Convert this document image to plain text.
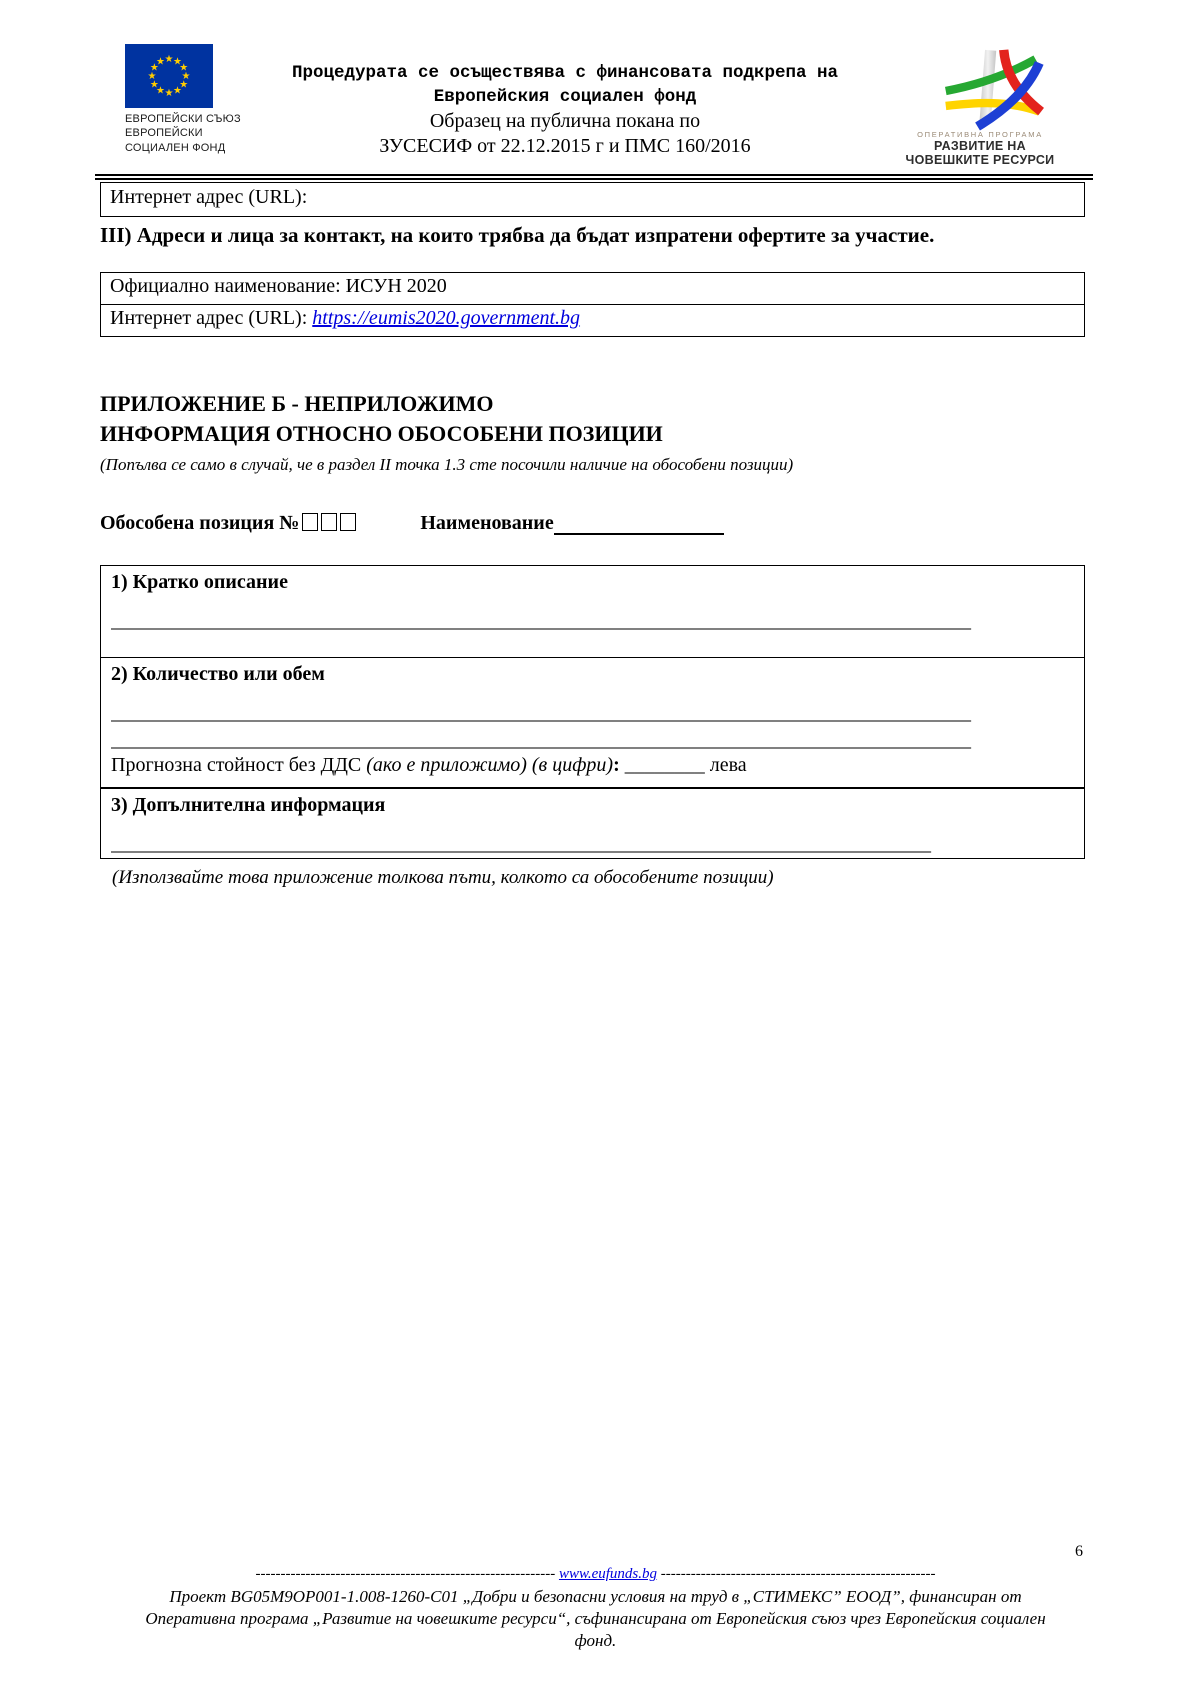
★ ★
★
★
★
★
★
★
★
★
★
★
ЕВРОПЕЙСКИ СЪЮЗ
ЕВРОПЕЙСКИ
СОЦИАЛЕН ФОНД
Процедурата се осъществява с финансовата подкрепа на
Европейския социален фонд
Образец на публична покана по
ЗУСЕСИФ от 22.12.2015 г и ПМС 160/2016
ОПЕРАТИВНА ПРОГРАМА
РАЗВИТИЕ НА
ЧОВЕШКИТЕ РЕСУРСИ
Интернет адрес (URL):
III) Адреси и лица за контакт, на които трябва да бъдат изпратени офертите за участие.
Официално наименование: ИСУН 2020
Интернет адрес (URL): https://eumis2020.government.bg
ПРИЛОЖЕНИЕ Б - НЕПРИЛОЖИМО
ИНФОРМАЦИЯ ОТНОСНО ОБОСОБЕНИ ПОЗИЦИИ
(Попълва се само в случай, че в раздел II точка 1.3 сте посочили наличие на обособени позиции)
Обособена позиция №	Наименование
1) Кратко описание
______________________________________________________________________________________
2) Количество или обем
______________________________________________________________________________________
______________________________________________________________________________________
Прогнозна стойност без ДДС (ако е приложимо) (в цифри): ________ лева
3) Допълнителна информация
__________________________________________________________________________________
(Използвайте това приложение толкова пъти, колкото са обособените позиции)
6
------------------------------------------------------------ www.eufunds.bg -------------------------------------------------------
Проект BG05M9OP001-1.008-1260-C01 „Добри и безопасни условия на труд в „СТИМЕКС” ЕООД”, финансиран от
Оперативна програма „Развитие на човешките ресурси“, съфинансирана от Европейския съюз чрез Европейския социален
фонд.
